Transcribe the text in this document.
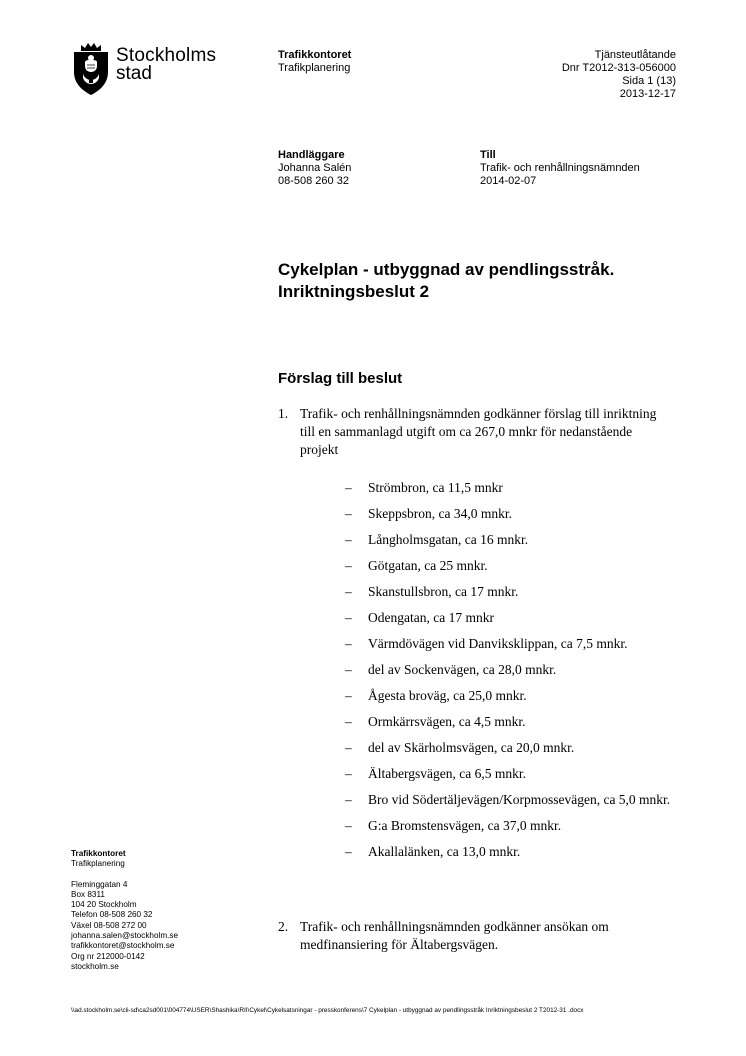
Stockholms
stad
Trafikkontoret
Trafikplanering
Tjänsteutlåtande
Dnr T2012-313-056000
Sida 1 (13)
2013-12-17
Handläggare
Johanna Salén
08-508 260 32
Till
Trafik- och renhållningsnämnden
2014-02-07
Cykelplan - utbyggnad av pendlingsstråk.
Inriktningsbeslut 2
Förslag till beslut
1. Trafik- och renhållningsnämnden godkänner förslag till inriktning till en sammanlagd utgift om ca 267,0 mnkr för nedanstående projekt
– Strömbron, ca 11,5 mnkr
– Skeppsbron, ca 34,0 mnkr.
– Långholmsgatan, ca 16 mnkr.
– Götgatan, ca 25 mnkr.
– Skanstullsbron, ca 17 mnkr.
– Odengatan, ca 17 mnkr
– Värmdövägen vid Danviksklippan, ca 7,5 mnkr.
– del av Sockenvägen, ca 28,0 mnkr.
– Ågesta broväg, ca 25,0 mnkr.
– Ormkärrsvägen, ca 4,5 mnkr.
– del av Skärholmsvägen, ca 20,0 mnkr.
– Ältabergsvägen, ca 6,5 mnkr.
– Bro vid Södertäljevägen/Korpmossevägen, ca 5,0 mnkr.
– G:a Bromstensvägen, ca 37,0 mnkr.
– Akallalänken, ca 13,0 mnkr.
2. Trafik- och renhållningsnämnden godkänner ansökan om medfinansiering för Ältabergsvägen.
Trafikkontoret
Trafikplanering
Fleminggatan 4
Box 8311
104 20 Stockholm
Telefon 08-508 260 32
Växel 08-508 272 00
johanna.salen@stockholm.se
trafikkontoret@stockholm.se
Org nr 212000-0142
stockholm.se
\\ad.stockholm.se\cli-sd\ca2sd001\004774\USER\Shashika\RII\Cykel\Cykelsatsningar - presskonferens\7 Cykelplan - utbyggnad av pendlingsstråk Inriktningsbeslut 2 T2012-31 .docx
